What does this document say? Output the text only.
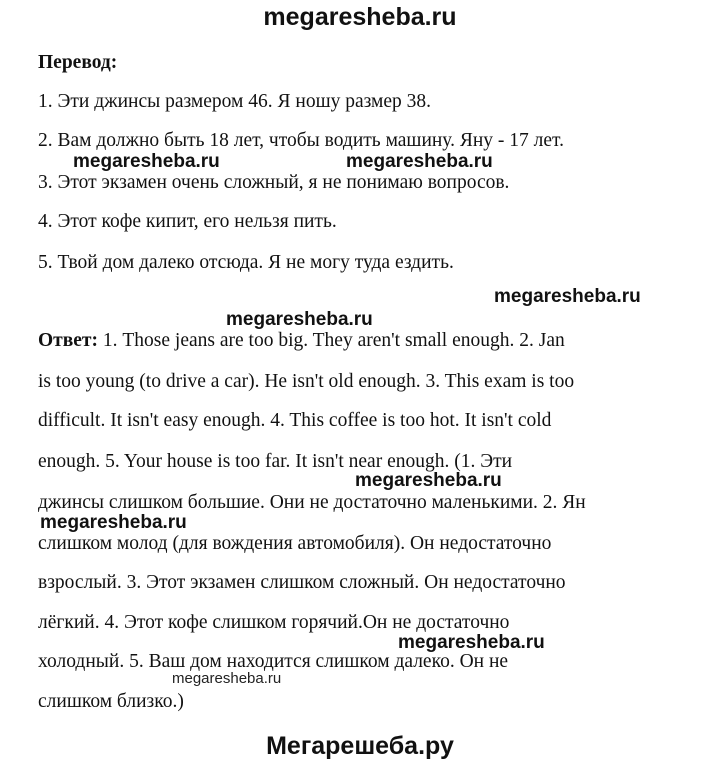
megaresheba.ru
Перевод:
1. Эти джинсы размером 46. Я ношу размер 38.
2. Вам должно быть 18 лет, чтобы водить машину. Яну - 17 лет.
3. Этот экзамен очень сложный, я не понимаю вопросов.
4. Этот кофе кипит, его нельзя пить.
5. Твой дом далеко отсюда. Я не могу туда ездить.
Ответ: 1. Those jeans are too big. They aren't small enough. 2. Jan
is too young (to drive a car). He isn't old enough. 3. This exam is too
difficult. It isn't easy enough. 4. This coffee is too hot. It isn't cold
enough. 5. Your house is too far. It isn't near enough. (1. Эти
джинсы слишком большие. Они не достаточно маленькими. 2. Ян
слишком молод (для вождения автомобиля). Он недостаточно
взрослый. 3. Этот экзамен слишком сложный. Он недостаточно
лёгкий. 4. Этот кофе слишком горячий.Он не достаточно
холодный. 5. Ваш дом находится слишком далеко. Он не
слишком близко.)
megaresheba.ru	megaresheba.ru
megaresheba.ru
megaresheba.ru
megaresheba.ru
megaresheba.ru
megaresheba.ru
megaresheba.ru
Мегарешеба.ру
